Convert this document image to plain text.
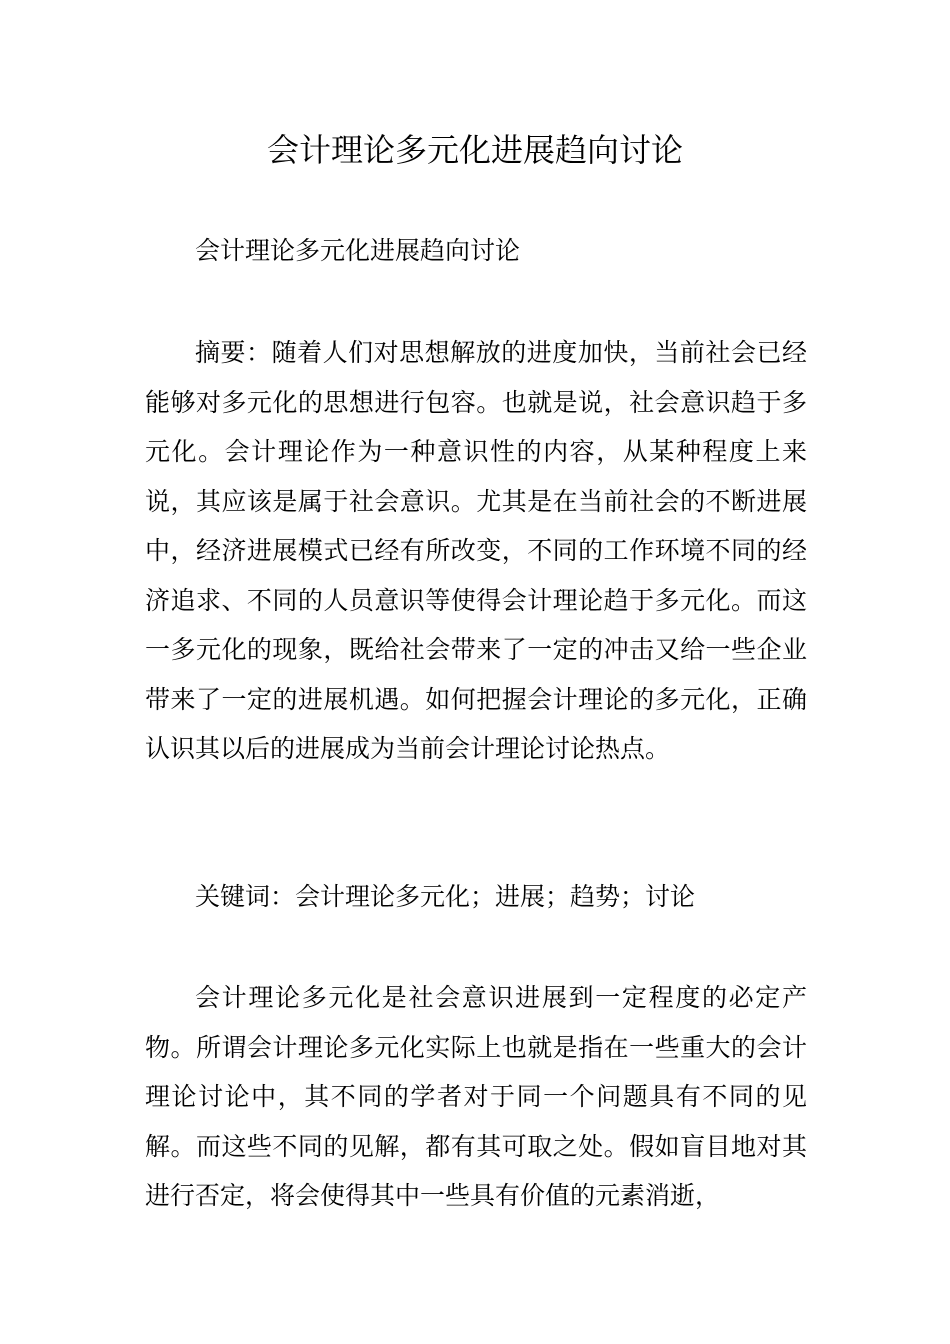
会计理论多元化进展趋向讨论

会计理论多元化进展趋向讨论

摘要：随着人们对思想解放的进度加快，当前社会已经能够对多元化的思想进行包容。也就是说，社会意识趋于多元化。会计理论作为一种意识性的内容，从某种程度上来说，其应该是属于社会意识。尤其是在当前社会的不断进展中，经济进展模式已经有所改变，不同的工作环境不同的经济追求、不同的人员意识等使得会计理论趋于多元化。而这一多元化的现象，既给社会带来了一定的冲击又给一些企业带来了一定的进展机遇。如何把握会计理论的多元化，正确认识其以后的进展成为当前会计理论讨论热点。

关键词：会计理论多元化；进展；趋势；讨论

会计理论多元化是社会意识进展到一定程度的必定产物。所谓会计理论多元化实际上也就是指在一些重大的会计理论讨论中，其不同的学者对于同一个问题具有不同的见解。而这些不同的见解，都有其可取之处。假如盲目地对其进行否定，将会使得其中一些具有价值的元素消逝，
